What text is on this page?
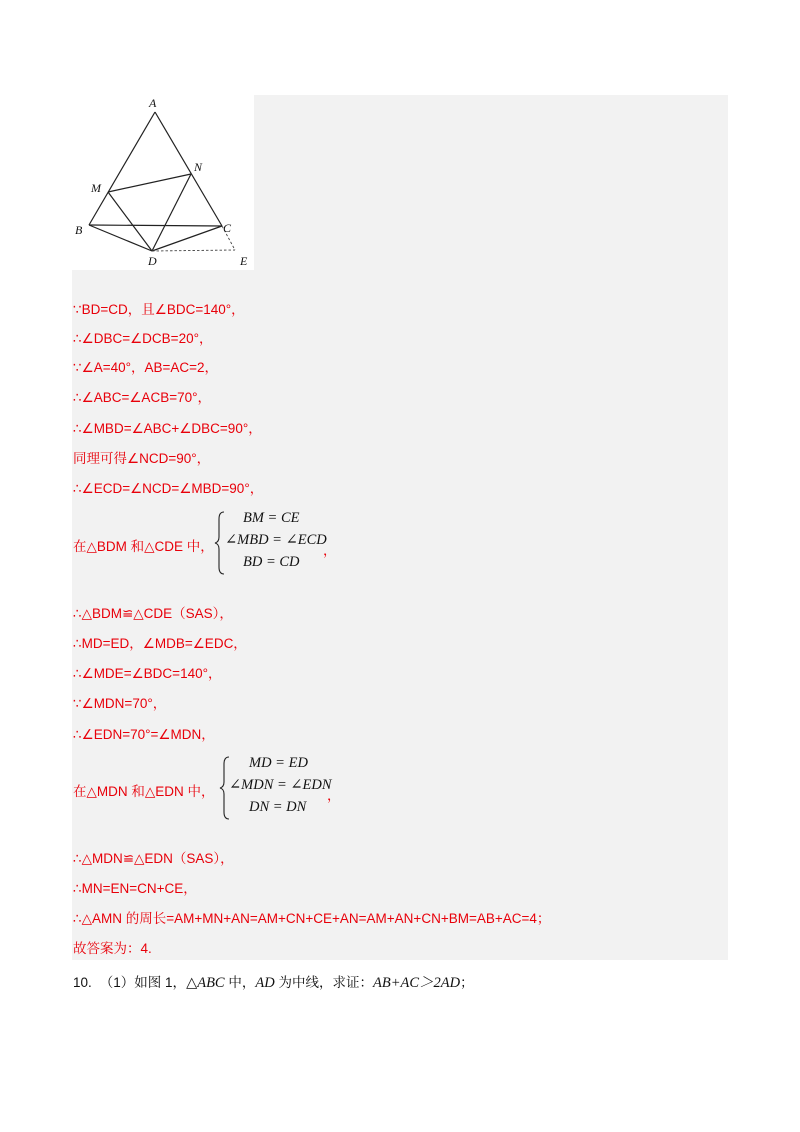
A
N
M
B	C
D	E
∵BD=CD，且∠BDC=140°，
∴∠DBC=∠DCB=20°，
∵∠A=40°，AB=AC=2，
∴∠ABC=∠ACB=70°，
∴∠MBD=∠ABC+∠DBC=90°，
同理可得∠NCD=90°，
∴∠ECD=∠NCD=∠MBD=90°，
在△BDM 和△CDE 中，
BM = CE
∠MBD = ∠ECD
BD = CD
，
∴△BDM≌△CDE（SAS），
∴MD=ED，∠MDB=∠EDC，
∴∠MDE=∠BDC=140°，
∵∠MDN=70°，
∴∠EDN=70°=∠MDN，
在△MDN 和△EDN 中，
MD = ED
∠MDN = ∠EDN
DN = DN
，
∴△MDN≌△EDN（SAS），
∴MN=EN=CN+CE，
∴△AMN 的周长=AM+MN+AN=AM+CN+CE+AN=AM+AN+CN+BM=AB+AC=4；
故答案为：4.
10. （1）如图 1，△ABC 中，AD 为中线，求证：AB+AC＞2AD；
